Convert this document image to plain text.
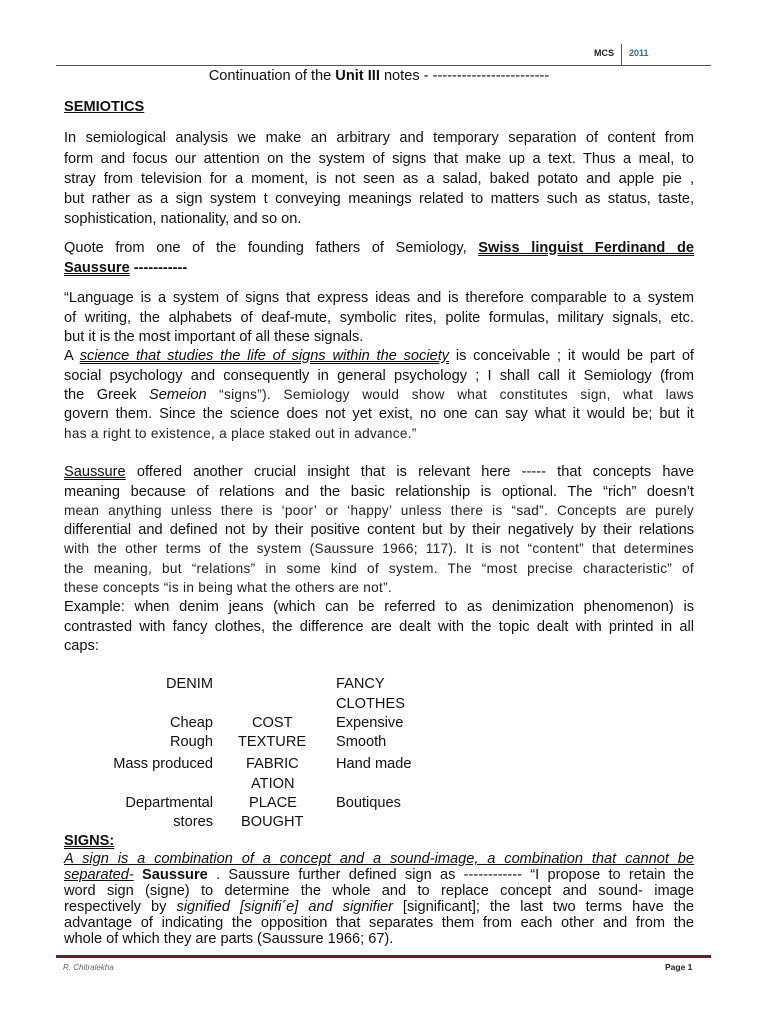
MCS 2011
Continuation of the Unit III notes - ------------------------
SEMIOTICS
In semiological analysis we make an arbitrary and temporary separation of content from
form and focus our attention on the system of signs that make up a text. Thus a meal, to
stray from television for a moment, is not seen as a salad, baked potato and apple pie ,
but rather as a sign system t conveying meanings related to matters such as status, taste,
sophistication, nationality, and so on.
Quote from one of the founding fathers of Semiology, Swiss linguist Ferdinand de
Saussure -----------
“Language is a system of signs that express ideas and is therefore comparable to a system
of writing, the alphabets of deaf-mute, symbolic rites, polite formulas, military signals, etc.
but it is the most important of all these signals.
A science that studies the life of signs within the society is conceivable ; it would be part of
social psychology and consequently in general psychology ; I shall call it Semiology (from
the Greek Semeion “signs”). Semiology would show what constitutes sign, what laws
govern them. Since the science does not yet exist, no one can say what it would be; but it
has a right to existence, a place staked out in advance.”
Saussure offered another crucial insight that is relevant here ----- that concepts have
meaning because of relations and the basic relationship is optional. The “rich” doesn’t
mean anything unless there is ‘poor’ or ‘happy’ unless there is “sad”. Concepts are purely
differential and defined not by their positive content but by their negatively by their relations
with the other terms of the system (Saussure 1966; 117). It is not “content” that determines
the meaning, but “relations” in some kind of system. The “most precise characteristic” of
these concepts “is in being what the others are not”.
Example: when denim jeans (which can be referred to as denimization phenomenon) is
contrasted with fancy clothes, the difference are dealt with the topic dealt with printed in all
caps:
DENIM	FANCY
CLOTHES
Cheap
Rough
COST
TEXTURE
Expensive
Smooth
Mass produced FABRIC
ATION
Hand made
Departmental
stores
PLACE
BOUGHT
Boutiques
SIGNS:
A sign is a combination of a concept and a sound-image, a combination that cannot be
separated- Saussure . Saussure further defined sign as ------------ “I propose to retain the
word sign (signe) to determine the whole and to replace concept and sound- image
respectively by signified [signifi´e] and signifier [significant]; the last two terms have the
advantage of indicating the opposition that separates them from each other and from the
whole of which they are parts (Saussure 1966; 67).
R. Chitralekha	Page 1
